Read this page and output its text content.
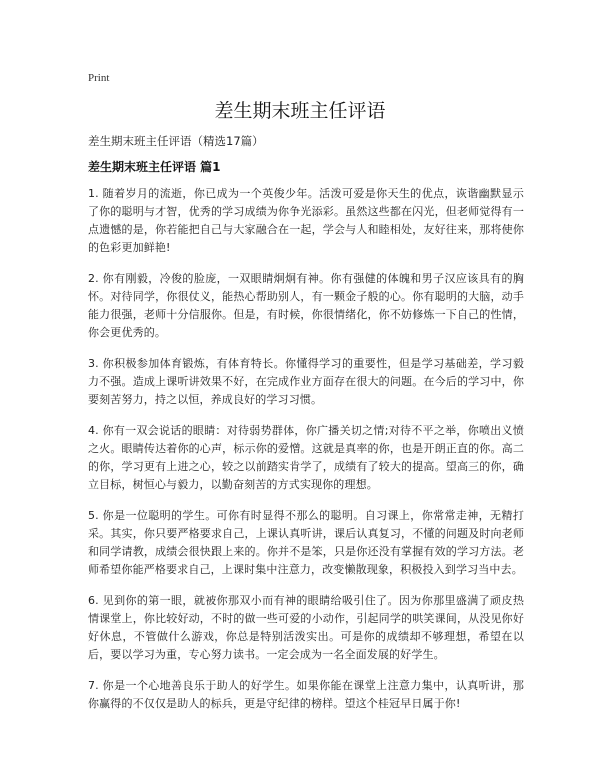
Print
差生期末班主任评语
差生期末班主任评语（精选17篇）
差生期末班主任评语 篇1

1. 随着岁月的流逝，你已成为一个英俊少年。活泼可爱是你天生的优点，诙谐幽默显示了你的聪明与才智，优秀的学习成绩为你争光添彩。虽然这些都在闪光，但老师觉得有一点遗憾的是，你若能把自己与大家融合在一起，学会与人和睦相处，友好往来，那将使你的色彩更加鲜艳!

2. 你有刚毅，冷俊的脸庞，一双眼睛炯炯有神。你有强健的体魄和男子汉应该具有的胸怀。对待同学，你很仗义，能热心帮助别人，有一颗金子般的心。你有聪明的大脑，动手能力很强，老师十分信服你。但是，有时候，你很情绪化，你不妨修炼一下自己的性情，你会更优秀的。

3. 你积极参加体育锻炼，有体育特长。你懂得学习的重要性，但是学习基础差，学习毅力不强。造成上课听讲效果不好，在完成作业方面存在很大的问题。在今后的学习中，你要刻苦努力，持之以恒，养成良好的学习习惯。

4. 你有一双会说话的眼睛：对待弱势群体，你广播关切之情;对待不平之举，你喷出义愤之火。眼睛传达着你的心声，标示你的爱憎。这就是真率的你，也是开朗正直的你。高二的你，学习更有上进之心，较之以前踏实肯学了，成绩有了较大的提高。望高三的你，确立目标，树恒心与毅力，以勤奋刻苦的方式实现你的理想。

5. 你是一位聪明的学生。可你有时显得不那么的聪明。自习课上，你常常走神，无精打采。其实，你只要严格要求自己，上课认真听讲，课后认真复习，不懂的问题及时向老师和同学请教，成绩会很快跟上来的。你并不是笨，只是你还没有掌握有效的学习方法。老师希望你能严格要求自己，上课时集中注意力，改变懒散现象，积极投入到学习当中去。

6. 见到你的第一眼，就被你那双小而有神的眼睛给吸引住了。因为你那里盛满了顽皮热情课堂上，你比较好动，不时的做一些可爱的小动作，引起同学的哄笑课间，从没见你好好休息，不管做什么游戏，你总是特别活泼实出。可是你的成绩却不够理想，希望在以后，要以学习为重，专心努力读书。一定会成为一名全面发展的好学生。

7. 你是一个心地善良乐于助人的好学生。如果你能在课堂上注意力集中，认真听讲，那你赢得的不仅仅是助人的标兵，更是守纪律的榜样。望这个桂冠早日属于你!
